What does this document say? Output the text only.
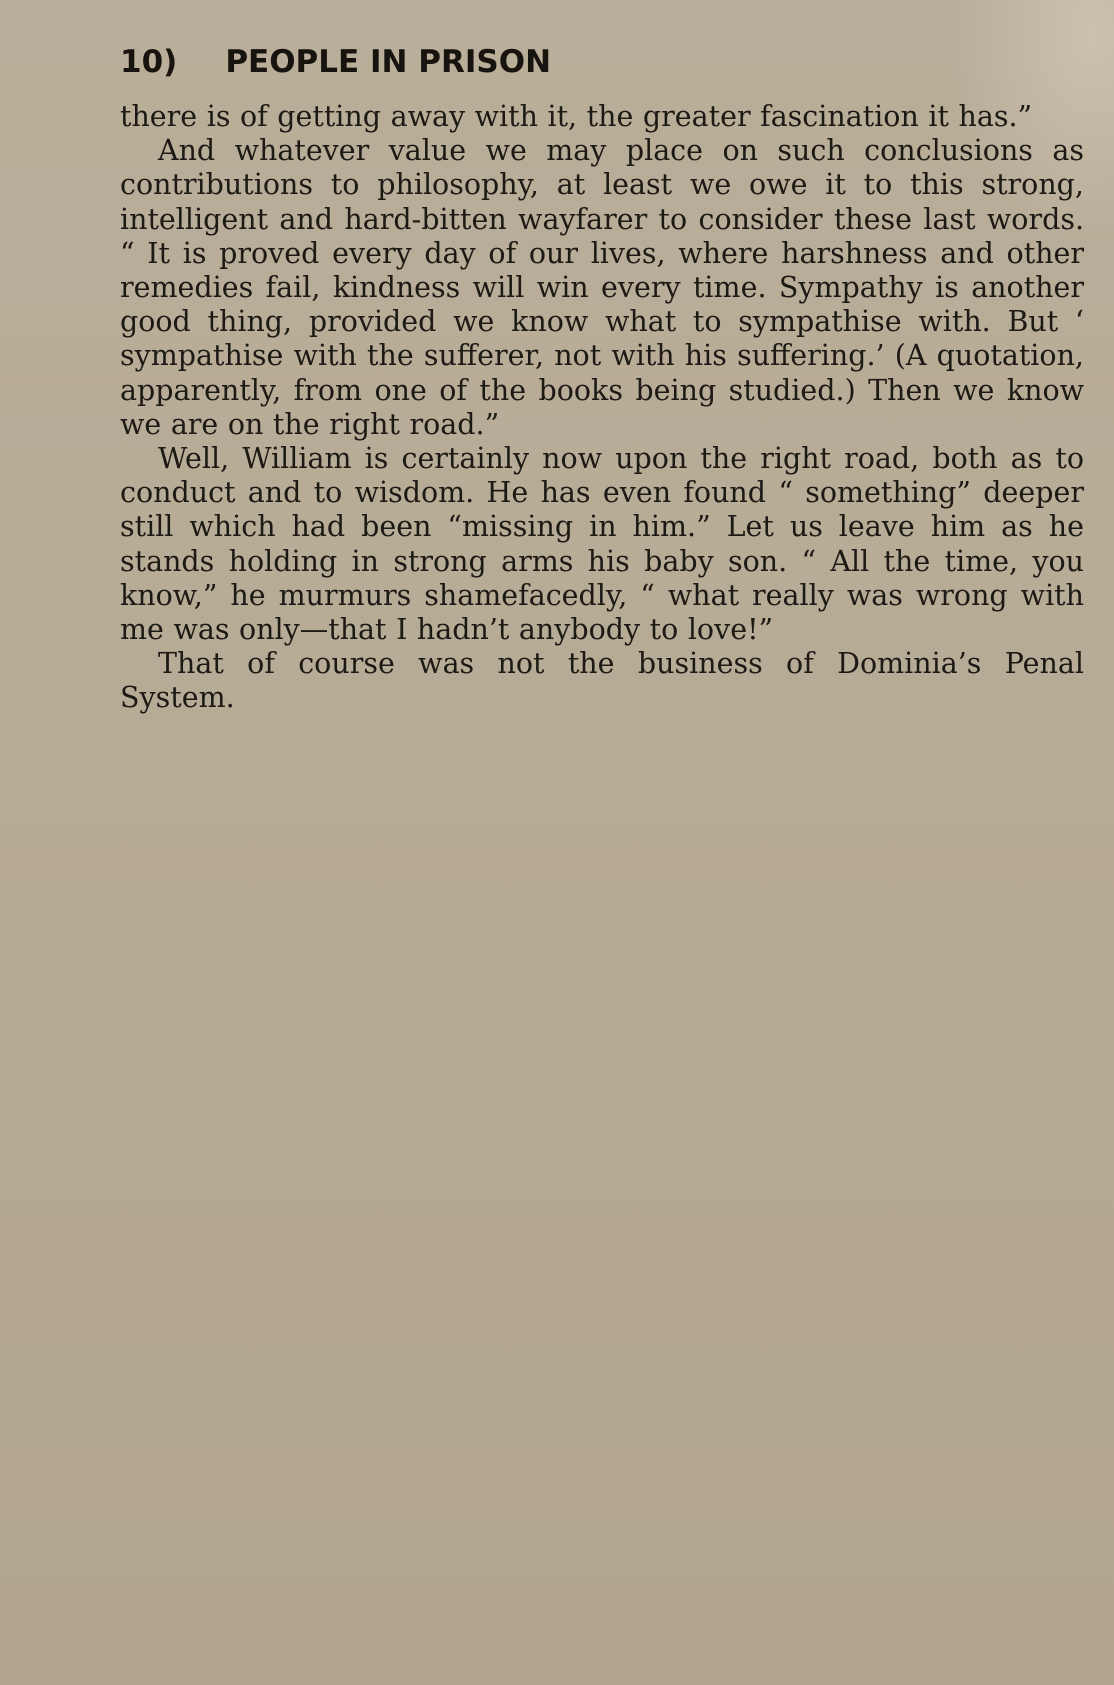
10) PEOPLE IN PRISON

there is of getting away with it, the greater fascination it has.”

And whatever value we may place on such conclusions as contributions to philosophy, at least we owe it to this strong, intelligent and hard-bitten wayfarer to consider these last words. “ It is proved every day of our lives, where harshness and other remedies fail, kindness will win every time. Sympathy is another good thing, provided we know what to sympathise with. But ‘ sympathise with the sufferer, not with his suffering.’ (A quotation, apparently, from one of the books being studied.) Then we know we are on the right road.”

Well, William is certainly now upon the right road, both as to conduct and to wisdom. He has even found “ something” deeper still which had been “missing in him.” Let us leave him as he stands holding in strong arms his baby son. “ All the time, you know,” he murmurs shamefacedly, “ what really was wrong with me was only—that I hadn’t anybody to love!”

That of course was not the business of Dominia’s Penal System.
